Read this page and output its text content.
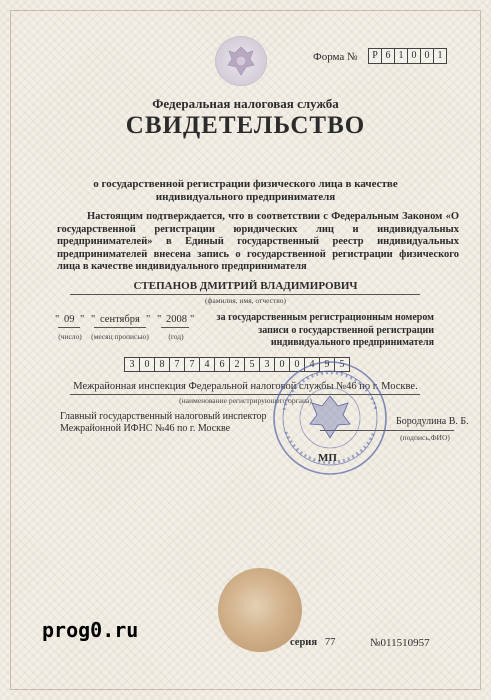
Форма №	Р 6 1 0 0 1
Федеральная налоговая служба
СВИДЕТЕЛЬСТВО
о государственной регистрации физического лица в качестве
индивидуального предпринимателя
Настоящим подтверждается, что в соответствии с Федеральным Законом «О государственной регистрации юридических лиц и индивидуальных предпринимателей» в Единый государственный реестр индивидуальных предпринимателей внесена запись о государственной регистрации физического лица в качестве индивидуального предпринимателя
СТЕПАНОВ ДМИТРИЙ ВЛАДИМИРОВИЧ
(фамилия, имя, отчество)
" 09 " " сентября " " 2008 "
(число) (месяц прописью)	(год)
за государственным регистрационным номером
записи о государственной регистрации
индивидуального предпринимателя
3	0	8	7	7	4	6	2	5	3	0	0	4	9	5
Межрайонная инспекция Федеральной налоговой службы №46 по г. Москве.
(наименование регистрирующего органа)
Главный государственный налоговый инспектор
Межрайонной ИФНС №46 по г. Москве
Бородулина В. Б.
(подпись,ФИО)
МП
prog0.ru
серия 77	№011510957
